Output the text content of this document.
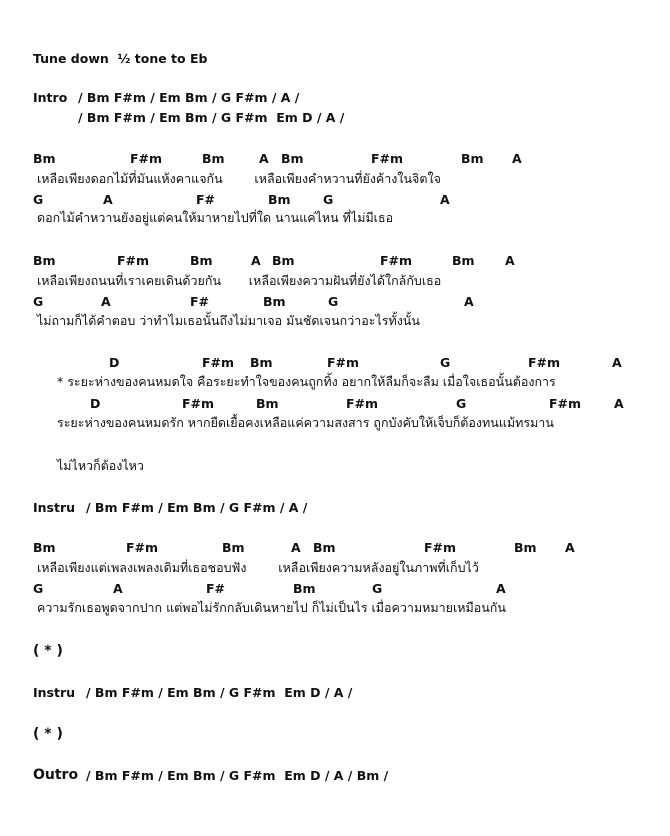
Tune down  ½ tone to Eb
Intro / Bm F#m / Em Bm / G F#m / A /
/ Bm F#m / Em Bm / G F#m  Em D / A /
Bm	F#m	Bm	A Bm	F#m	Bm A
เหลือเพียงดอกไม้ที่มันแห้งคาแจกัน        เหลือเพียงคำหวานที่ยังค้างในจิตใจ
G	A	F#	Bm	G	A
ดอกไม้คำหวานยังอยู่แต่คนให้มาหายไปที่ใด นานแค่ไหน ที่ไม่มีเธอ
Bm	F#m	Bm	A Bm	F#m	Bm A
เหลือเพียงถนนที่เราเคยเดินด้วยกัน       เหลือเพียงความฝันที่ยังได้ใกล้กับเธอ
G	A	F#	Bm	G	A
ไม่ถามก็ได้คำตอบ ว่าทำไมเธอนั้นถึงไม่มาเจอ มันชัดเจนกว่าอะไรทั้งนั้น
D	F#m Bm	F#m	G	F#m	A
* ระยะห่างของคนหมดใจ คือระยะทำใจของคนถูกทิ้ง อยากให้ลืมก็จะลืม เมื่อใจเธอนั้นต้องการ
D	F#m	Bm	F#m	G	F#m	A
ระยะห่างของคนหมดรัก หากยืดเยื้อคงเหลือแค่ความสงสาร ถูกบังคับให้เจ็บก็ต้องทนแม้ทรมาน
ไม่ไหวก็ต้องไหว
Instru / Bm F#m / Em Bm / G F#m / A /
Bm	F#m	Bm	A Bm	F#m	Bm A
เหลือเพียงแต่เพลงเพลงเดิมที่เธอชอบฟัง        เหลือเพียงความหลังอยู่ในภาพที่เก็บไว้
G	A	F#	Bm	G	A
ความรักเธอพูดจากปาก แต่พอไม่รักกลับเดินหายไป ก็ไม่เป็นไร เมื่อความหมายเหมือนกัน
( * )
Instru / Bm F#m / Em Bm / G F#m  Em D / A /
( * )
Outro / Bm F#m / Em Bm / G F#m  Em D / A / Bm /
